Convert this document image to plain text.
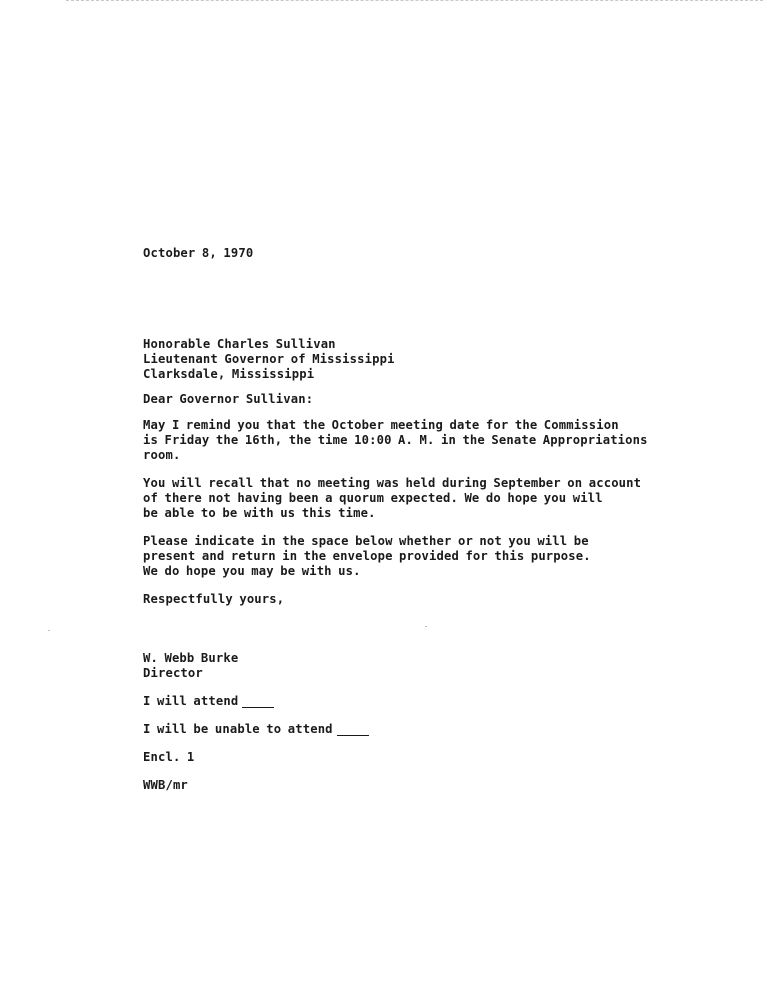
October 8, 1970

Honorable Charles Sullivan

Lieutenant Governor of Mississippi

Clarksdale, Mississippi

Dear Governor Sullivan:

May I remind you that the October meeting date for the Commission
is Friday the 16th, the time 10:00 A. M. in the Senate Appropriations
room.

You will recall that no meeting was held during September on account
of there not having been a quorum expected. We do hope you will
be able to be with us this time.

Please indicate in the space below whether or not you will be
present and return in the envelope provided for this purpose.
We do hope you may be with us.

Respectfully yours,

W. Webb Burke

Director

I will attend

I will be unable to attend

Encl. 1

WWB/mr
